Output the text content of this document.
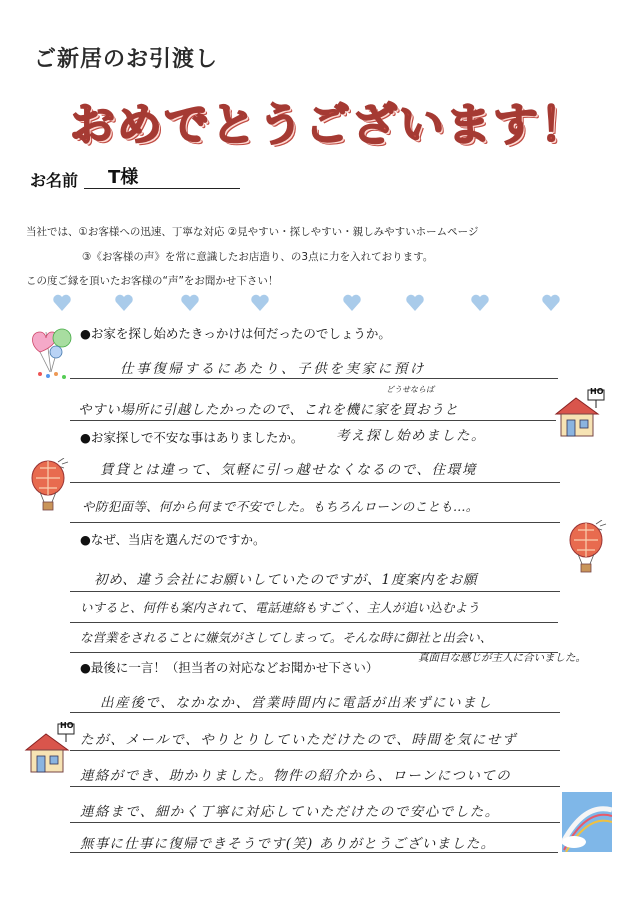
ご新居のお引渡し
おめでとうございます！
お名前 T様
当社では、①お客様への迅速、丁寧な対応 ②見やすい・探しやすい・親しみやすいホームページ
③《お客様の声》を常に意識したお店造り、の3点に力を入れております。
この度ご縁を頂いたお客様の“声”をお聞かせ下さい！
HO
HO
●お家を探し始めたきっかけは何だったのでしょうか。
仕事復帰するにあたり、子供を実家に預け
どうせならば
やすい場所に引越したかったので、これを機に家を買おうと
考え探し始めました。
●お家探しで不安な事はありましたか。
賃貸とは違って、気軽に引っ越せなくなるので、住環境
や防犯面等、何から何まで不安でした。もちろんローンのことも…。
●なぜ、当店を選んだのですか。
初め、違う会社にお願いしていたのですが、1度案内をお願
いすると、何件も案内されて、電話連絡もすごく、主人が追い込むよう
な営業をされることに嫌気がさしてしまって。そんな時に御社と出会い、
真面目な感じが主人に合いました。
●最後に一言！（担当者の対応などお聞かせ下さい）
出産後で、なかなか、営業時間内に電話が出来ずにいまし
たが、メールで、やりとりしていただけたので、時間を気にせず
連絡ができ、助かりました。物件の紹介から、ローンについての
連絡まで、細かく丁寧に対応していただけたので安心でした。
無事に仕事に復帰できそうです(笑) ありがとうございました。
